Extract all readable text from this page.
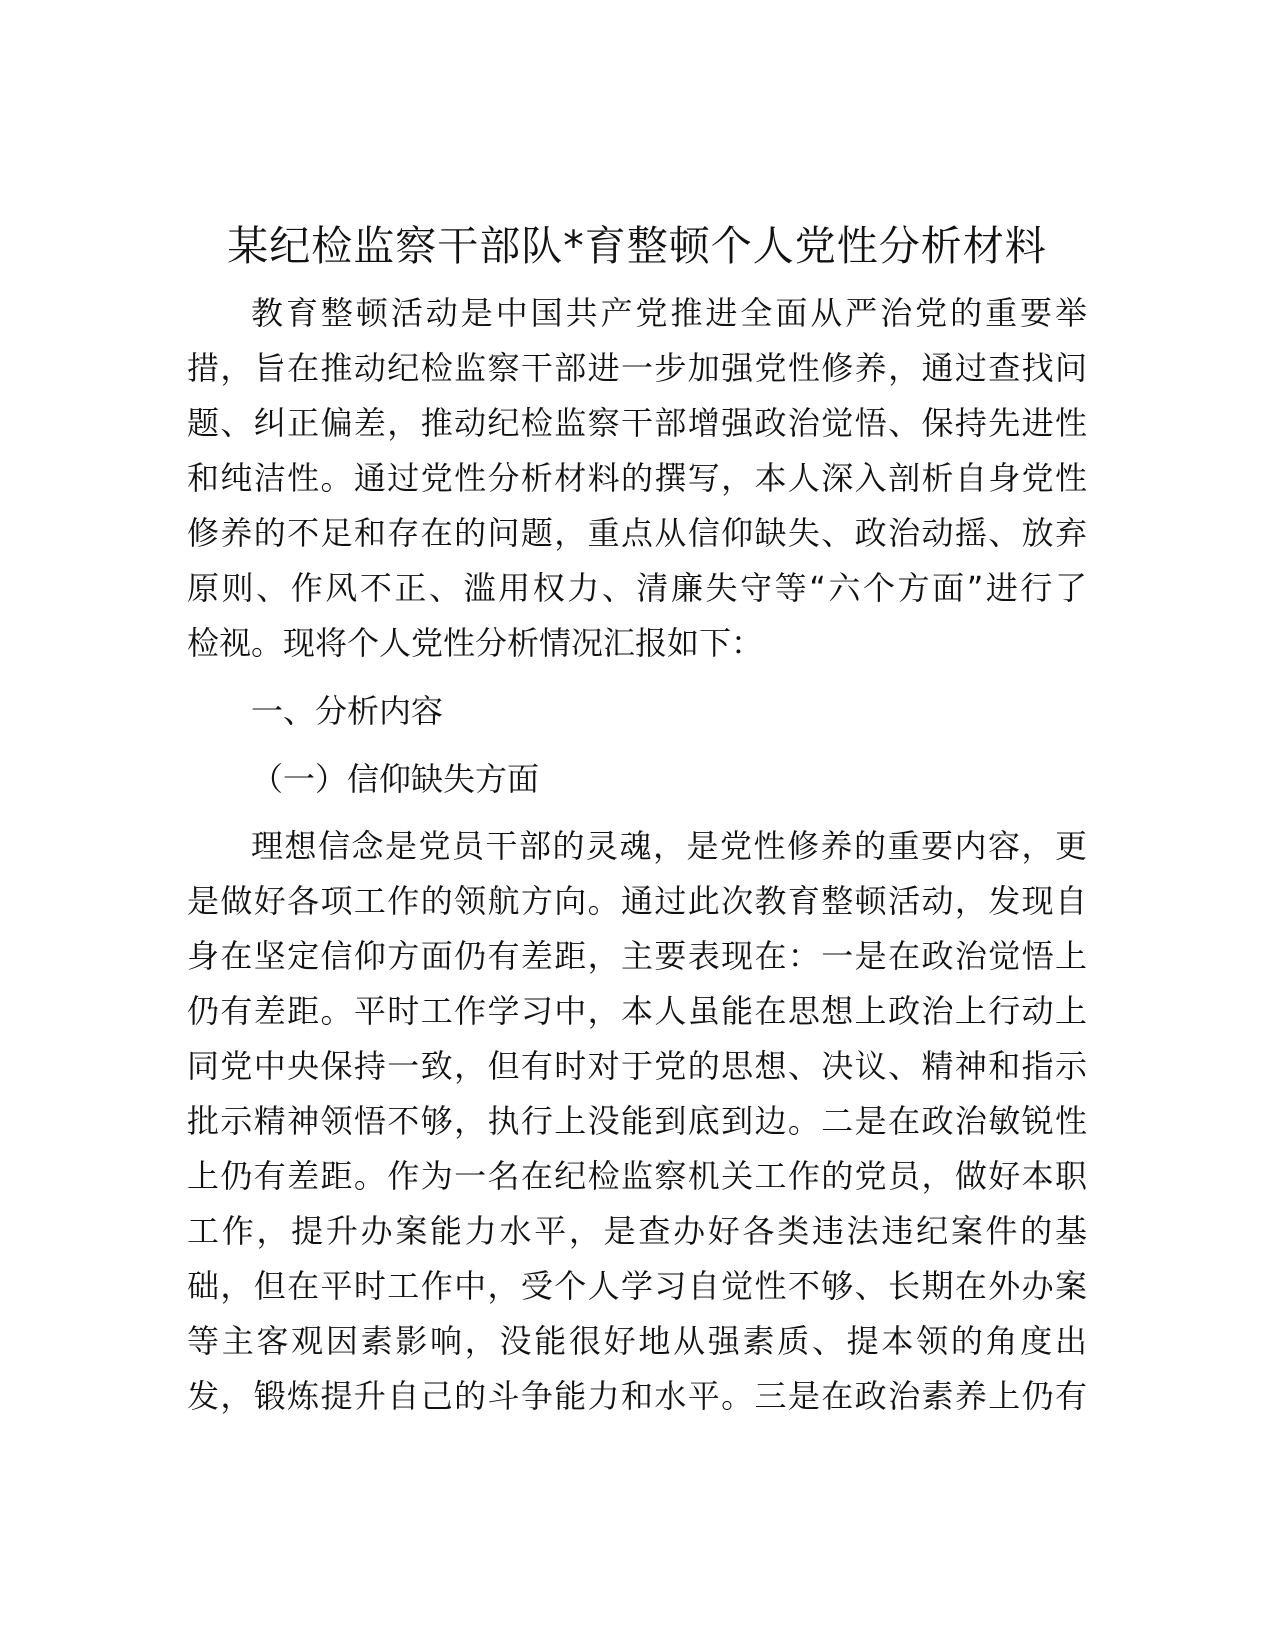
某纪检监察干部队*育整顿个人党性分析材料

教育整顿活动是中国共产党推进全面从严治党的重要举

措，旨在推动纪检监察干部进一步加强党性修养，通过查找问

题、纠正偏差，推动纪检监察干部增强政治觉悟、保持先进性

和纯洁性。通过党性分析材料的撰写，本人深入剖析自身党性

修养的不足和存在的问题，重点从信仰缺失、政治动摇、放弃

原则、作风不正、滥用权力、清廉失守等“六个方面”进行了

检视。现将个人党性分析情况汇报如下：

一、分析内容

（一）信仰缺失方面

理想信念是党员干部的灵魂，是党性修养的重要内容，更

是做好各项工作的领航方向。通过此次教育整顿活动，发现自

身在坚定信仰方面仍有差距，主要表现在：一是在政治觉悟上

仍有差距。平时工作学习中，本人虽能在思想上政治上行动上

同党中央保持一致，但有时对于党的思想、决议、精神和指示

批示精神领悟不够，执行上没能到底到边。二是在政治敏锐性

上仍有差距。作为一名在纪检监察机关工作的党员，做好本职

工作，提升办案能力水平，是查办好各类违法违纪案件的基

础，但在平时工作中，受个人学习自觉性不够、长期在外办案

等主客观因素影响，没能很好地从强素质、提本领的角度出

发，锻炼提升自己的斗争能力和水平。三是在政治素养上仍有
